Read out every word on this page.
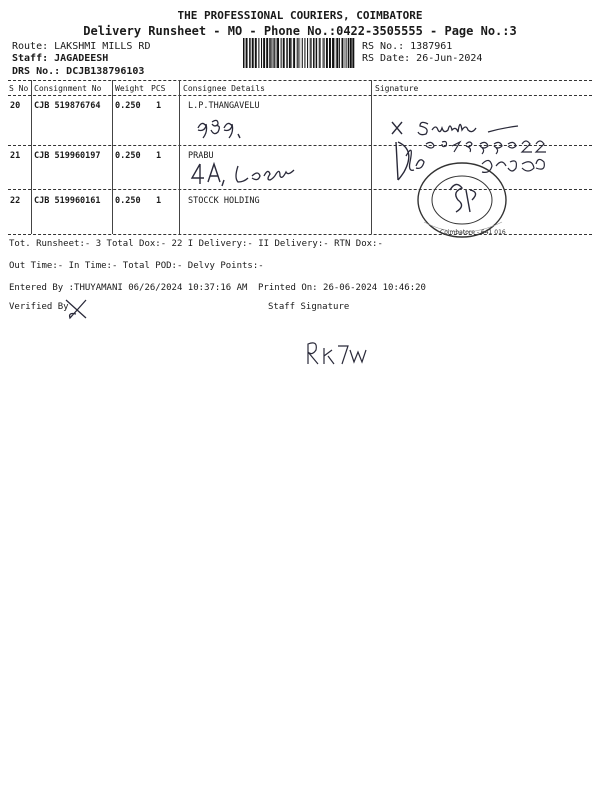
THE PROFESSIONAL COURIERS, COIMBATORE
Delivery Runsheet - MO - Phone No.:0422-3505555 - Page No.:3
Route: LAKSHMI MILLS RD
Staff: JAGADEESH
DRS No.: DCJB138796103
RS No.: 1387961
RS Date: 26-Jun-2024
S No Consignment No Weight PCS Consignee Details	Signature
20 CJB 519876764 0.250 1	L.P.THANGAVELU
21 CJB 519960197 0.250 1	PRABU
22 CJB 519960161 0.250 1	STOCCK HOLDING
Coimbatore - 641 016
Tot. Runsheet:- 3 Total Dox:- 22 I Delivery:- II Delivery:- RTN Dox:-
Out Time:- In Time:- Total POD:- Delvy Points:-
Entered By :THUYAMANI 06/26/2024 10:37:16 AM Printed On: 26-06-2024 10:46:20
Verified By	Staff Signature
